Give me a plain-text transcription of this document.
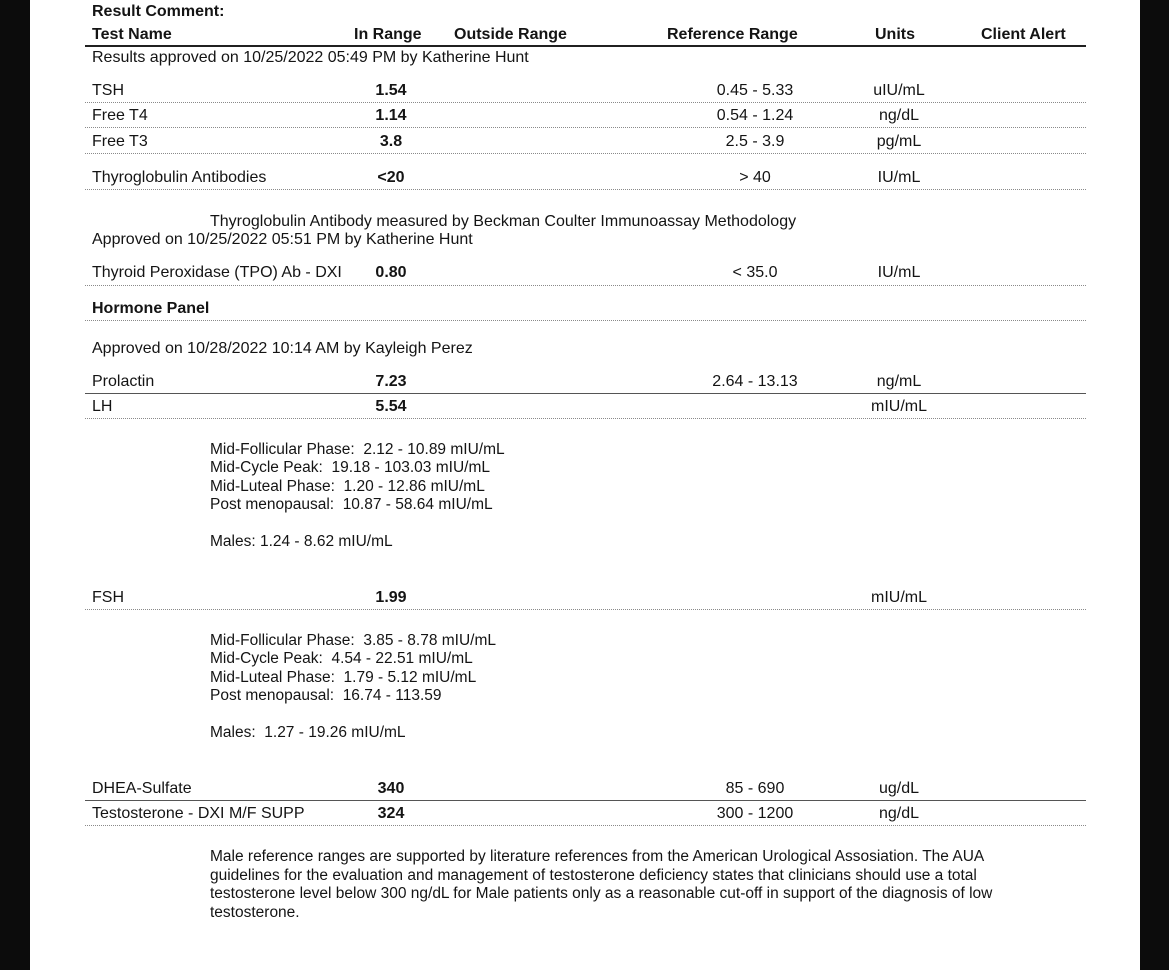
Result Comment:
Test Name	In Range Outside Range	Reference Range	Units	Client Alert
Results approved on 10/25/2022 05:49 PM by Katherine Hunt
TSH	1.54	0.45 - 5.33	uIU/mL
Free T4	1.14	0.54 - 1.24	ng/dL
Free T3	3.8	2.5 - 3.9	pg/mL
Thyroglobulin Antibodies	<20	> 40	IU/mL
Thyroglobulin Antibody measured by Beckman Coulter Immunoassay Methodology
Approved on 10/25/2022 05:51 PM by Katherine Hunt
Thyroid Peroxidase (TPO) Ab - DXI 0.80	< 35.0	IU/mL
Hormone Panel
Approved on 10/28/2022 10:14 AM by Kayleigh Perez
Prolactin	7.23	2.64 - 13.13	ng/mL
LH	5.54	mIU/mL
Mid-Follicular Phase:  2.12 - 10.89 mIU/mL
Mid-Cycle Peak:  19.18 - 103.03 mIU/mL
Mid-Luteal Phase:  1.20 - 12.86 mIU/mL
Post menopausal:  10.87 - 58.64 mIU/mL
Males: 1.24 - 8.62 mIU/mL
FSH	1.99	mIU/mL
Mid-Follicular Phase:  3.85 - 8.78 mIU/mL
Mid-Cycle Peak:  4.54 - 22.51 mIU/mL
Mid-Luteal Phase:  1.79 - 5.12 mIU/mL
Post menopausal:  16.74 - 113.59
Males:  1.27 - 19.26 mIU/mL
DHEA-Sulfate	340	85 - 690	ug/dL
Testosterone - DXI M/F SUPP	324	300 - 1200	ng/dL
Male reference ranges are supported by literature references from the American Urological Assosiation. The AUA guidelines for the evaluation and management of testosterone deficiency states that clinicians should use a total testosterone level below 300 ng/dL for Male patients only as a reasonable cut-off in support of the diagnosis of low testosterone.
